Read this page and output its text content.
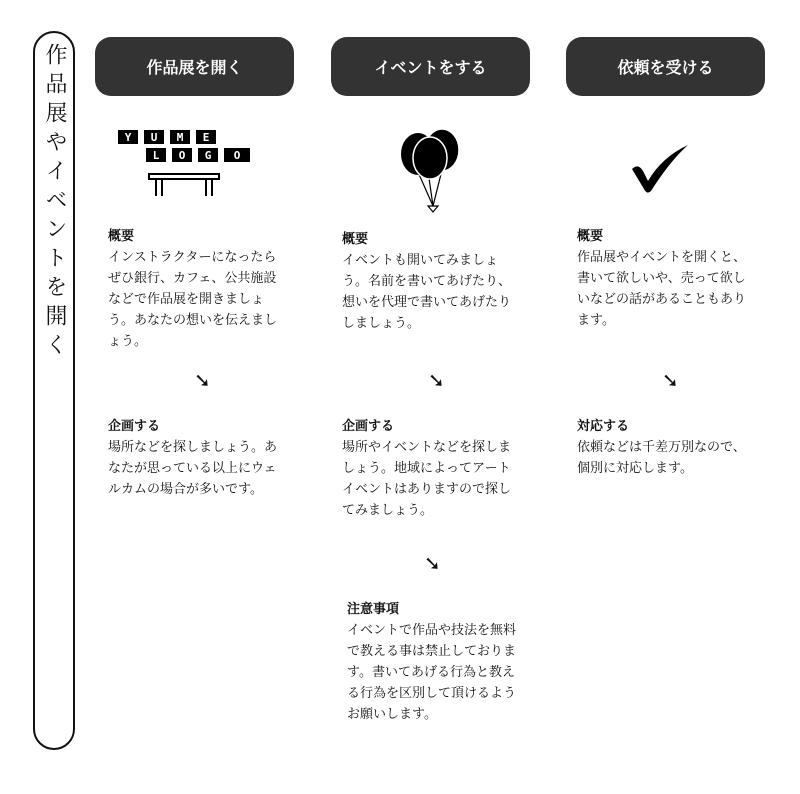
作品展やイベントを開く	作品展を開く	イベントをする	依頼を受ける
Y U M E
L O G O
概要
インストラクターになったらぜひ銀行、カフェ、公共施設などで作品展を開きましょう。あなたの想いを伝えましょう。
➘
企画する
場所などを探しましょう。あなたが思っている以上にウェルカムの場合が多いです。
概要
イベントも開いてみましょう。名前を書いてあげたり、想いを代理で書いてあげたりしましょう。
➘
企画する
場所やイベントなどを探しましょう。地域によってアートイベントはありますので探してみましょう。
➘
注意事項
イベントで作品や技法を無料で教える事は禁止しております。書いてあげる行為と教える行為を区別して頂けるようお願いします。
概要
作品展やイベントを開くと、書いて欲しいや、売って欲しいなどの話があることもあります。
➘
対応する
依頼などは千差万別なので、個別に対応します。
